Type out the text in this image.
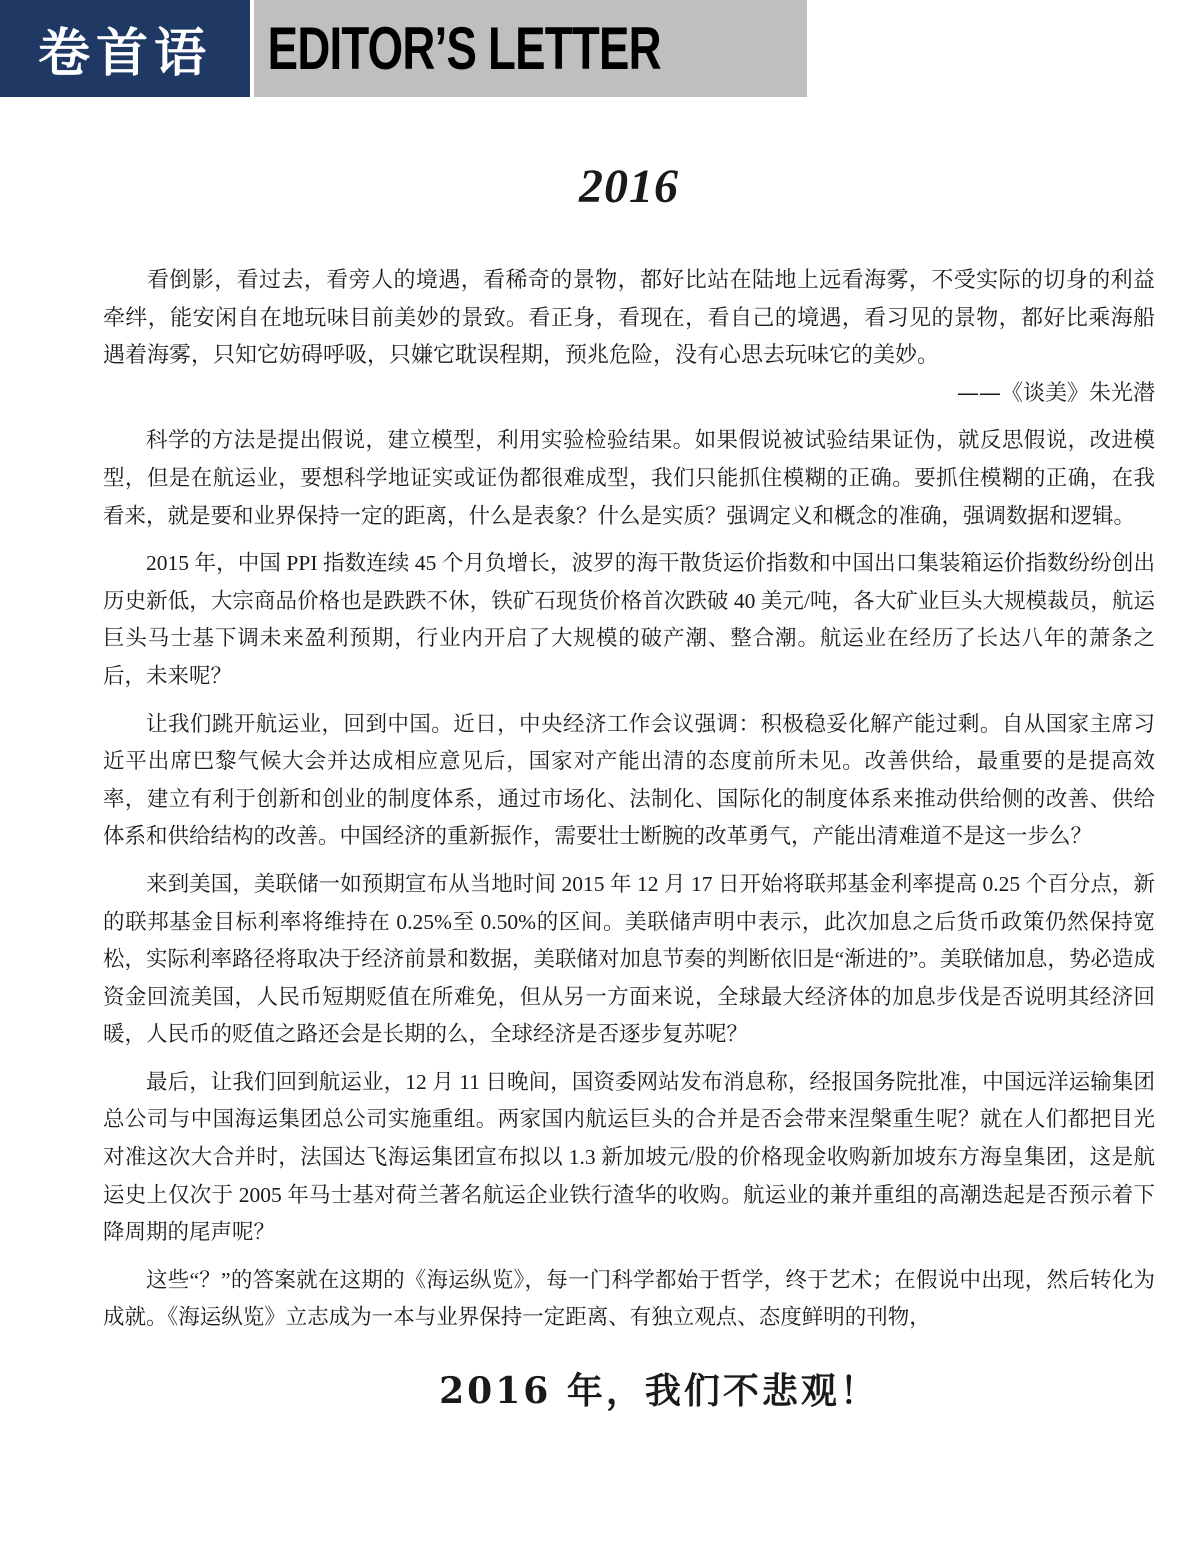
卷首语 EDITOR’S LETTER
2016

看倒影，看过去，看旁人的境遇，看稀奇的景物，都好比站在陆地上远看海雾，不受实际的切身的利益牵绊，能安闲自在地玩味目前美妙的景致。看正身，看现在，看自己的境遇，看习见的景物，都好比乘海船遇着海雾，只知它妨碍呼吸，只嫌它耽误程期，预兆危险，没有心思去玩味它的美妙。

——《谈美》朱光潜

科学的方法是提出假说，建立模型，利用实验检验结果。如果假说被试验结果证伪，就反思假说，改进模型，但是在航运业，要想科学地证实或证伪都很难成型，我们只能抓住模糊的正确。要抓住模糊的正确，在我看来，就是要和业界保持一定的距离，什么是表象？什么是实质？强调定义和概念的准确，强调数据和逻辑。

2015 年，中国 PPI 指数连续 45 个月负增长，波罗的海干散货运价指数和中国出口集装箱运价指数纷纷创出历史新低，大宗商品价格也是跌跌不休，铁矿石现货价格首次跌破 40 美元/吨，各大矿业巨头大规模裁员，航运巨头马士基下调未来盈利预期，行业内开启了大规模的破产潮、整合潮。航运业在经历了长达八年的萧条之后，未来呢？

让我们跳开航运业，回到中国。近日，中央经济工作会议强调：积极稳妥化解产能过剩。自从国家主席习近平出席巴黎气候大会并达成相应意见后，国家对产能出清的态度前所未见。改善供给，最重要的是提高效率，建立有利于创新和创业的制度体系，通过市场化、法制化、国际化的制度体系来推动供给侧的改善、供给体系和供给结构的改善。中国经济的重新振作，需要壮士断腕的改革勇气，产能出清难道不是这一步么？

来到美国，美联储一如预期宣布从当地时间 2015 年 12 月 17 日开始将联邦基金利率提高 0.25 个百分点，新的联邦基金目标利率将维持在 0.25%至 0.50%的区间。美联储声明中表示，此次加息之后货币政策仍然保持宽松，实际利率路径将取决于经济前景和数据，美联储对加息节奏的判断依旧是“渐进的”。美联储加息，势必造成资金回流美国，人民币短期贬值在所难免，但从另一方面来说，全球最大经济体的加息步伐是否说明其经济回暖，人民币的贬值之路还会是长期的么，全球经济是否逐步复苏呢？

最后，让我们回到航运业，12 月 11 日晚间，国资委网站发布消息称，经报国务院批准，中国远洋运输集团总公司与中国海运集团总公司实施重组。两家国内航运巨头的合并是否会带来涅槃重生呢？就在人们都把目光对准这次大合并时，法国达飞海运集团宣布拟以 1.3 新加坡元/股的价格现金收购新加坡东方海皇集团，这是航运史上仅次于 2005 年马士基对荷兰著名航运企业铁行渣华的收购。航运业的兼并重组的高潮迭起是否预示着下降周期的尾声呢？

这些“？”的答案就在这期的《海运纵览》，每一门科学都始于哲学，终于艺术；在假说中出现，然后转化为成就。《海运纵览》立志成为一本与业界保持一定距离、有独立观点、态度鲜明的刊物，

2016 年，我们不悲观！
